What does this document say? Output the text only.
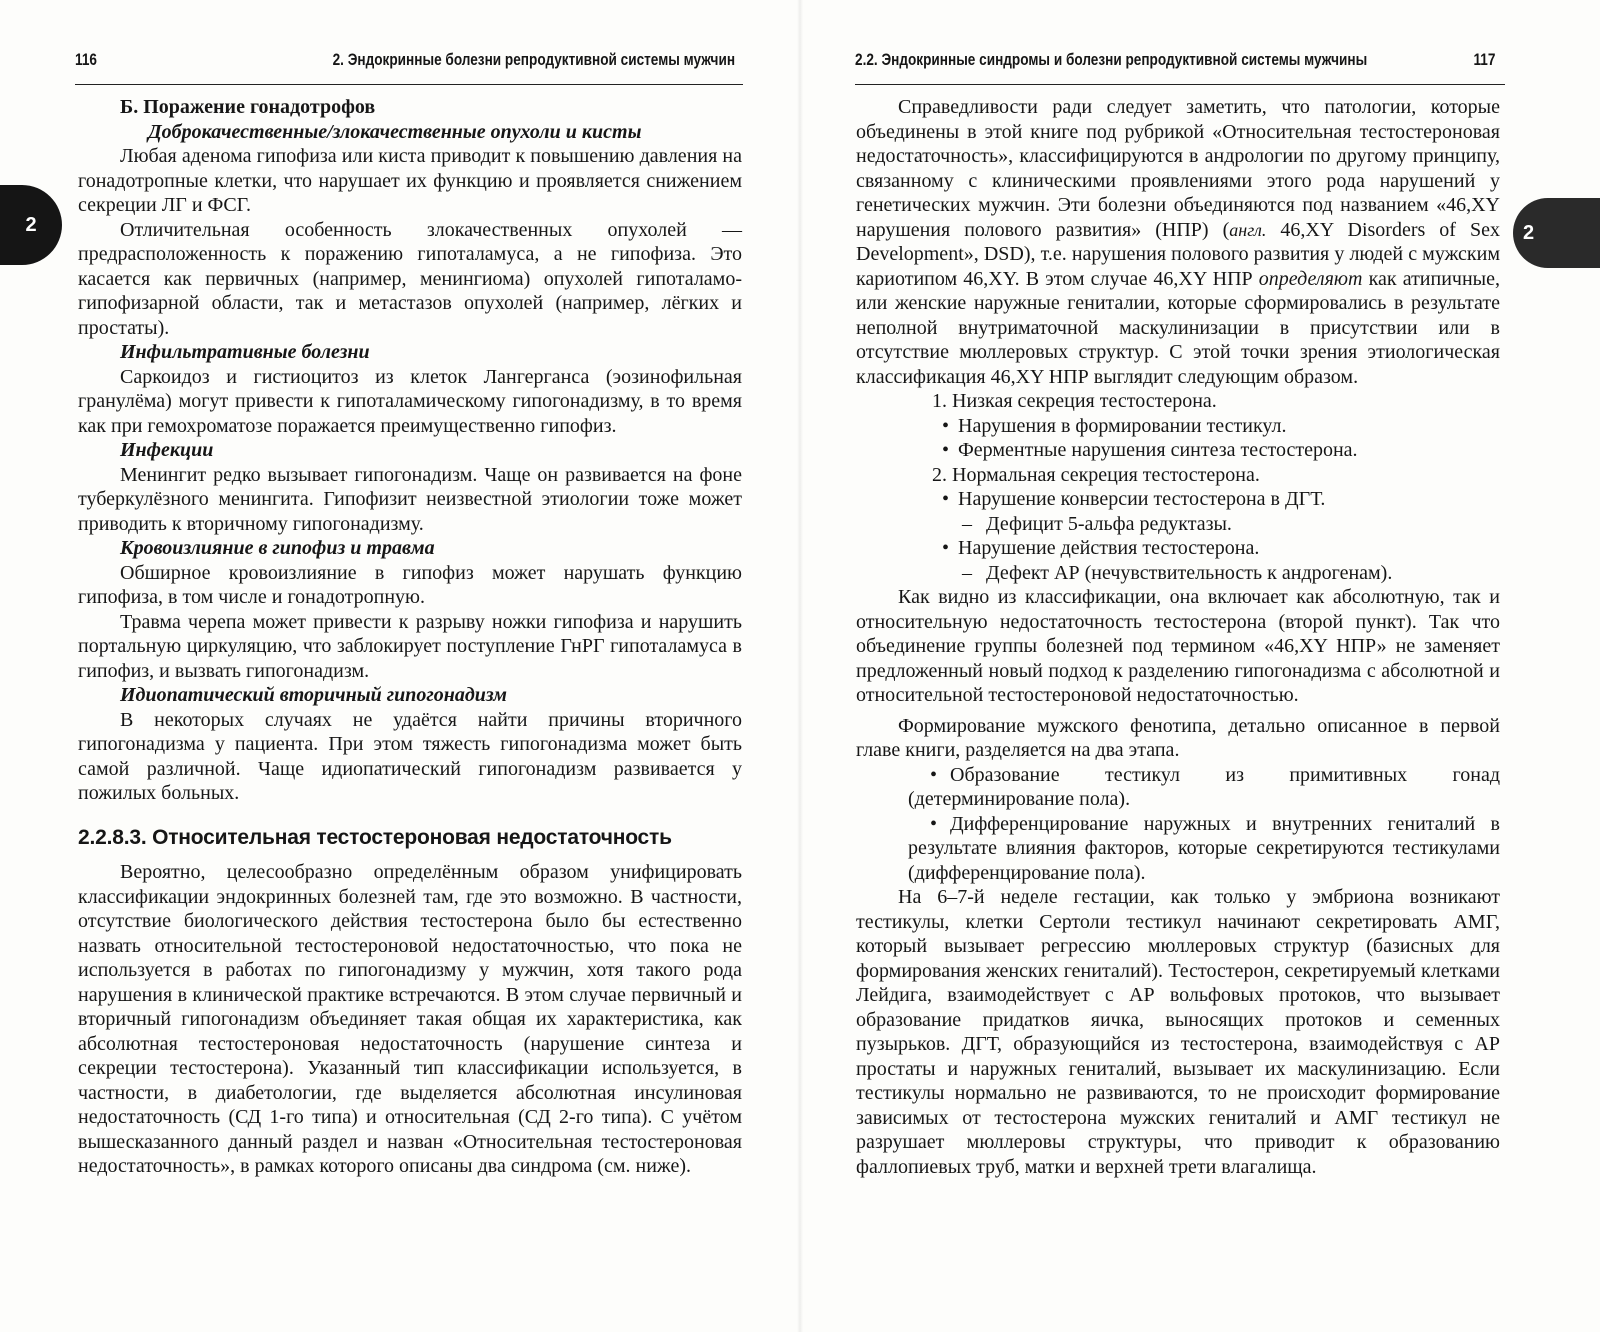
116	2. Эндокринные болезни репродуктивной системы мужчин
2

Б. Поражение гонадотрофов

Доброкачественные/злокачественные опухоли и кисты

Любая аденома гипофиза или киста приводит к повышению давления на гонадотропные клетки, что нарушает их функцию и проявляется снижением секреции ЛГ и ФСГ.

Отличительная особенность злокачественных опухолей — предрасположенность к поражению гипоталамуса, а не гипофиза. Это касается как первичных (например, менингиома) опухолей гипоталамо-гипофизарной области, так и метастазов опухолей (например, лёгких и простаты).

Инфильтративные болезни

Саркоидоз и гистиоцитоз из клеток Лангерганса (эозинофильная гранулёма) могут привести к гипоталамическому гипогонадизму, в то время как при гемохроматозе поражается преимущественно гипофиз.

Инфекции

Менингит редко вызывает гипогонадизм. Чаще он развивается на фоне туберкулёзного менингита. Гипофизит неизвестной этиологии тоже может приводить к вторичному гипогонадизму.

Кровоизлияние в гипофиз и травма

Обширное кровоизлияние в гипофиз может нарушать функцию гипофиза, в том числе и гонадотропную.

Травма черепа может привести к разрыву ножки гипофиза и нарушить портальную циркуляцию, что заблокирует поступление ГнРГ гипоталамуса в гипофиз, и вызвать гипогонадизм.

Идиопатический вторичный гипогонадизм

В некоторых случаях не удаётся найти причины вторичного гипогонадизма у пациента. При этом тяжесть гипогонадизма может быть самой различной. Чаще идиопатический гипогонадизм развивается у пожилых больных.

2.2.8.3. Относительная тестостероновая недостаточность

Вероятно, целесообразно определённым образом унифицировать классификации эндокринных болезней там, где это возможно. В частности, отсутствие биологического действия тестостерона было бы естественно назвать относительной тестостероновой недостаточностью, что пока не используется в работах по гипогонадизму у мужчин, хотя такого рода нарушения в клинической практике встречаются. В этом случае первичный и вторичный гипогонадизм объединяет такая общая их характеристика, как абсолютная тестостероновая недостаточность (нарушение синтеза и секреции тестостерона). Указанный тип классификации используется, в частности, в диабетологии, где выделяется абсолютная инсулиновая недостаточность (СД 1-го типа) и относительная (СД 2-го типа). С учётом вышесказанного данный раздел и назван «Относительная тестостероновая недостаточность», в рамках которого описаны два синдрома (см. ниже).

2.2. Эндокринные синдромы и болезни репродуктивной системы мужчины	117

Справедливости ради следует заметить, что патологии, которые объединены в этой книге под рубрикой «Относительная тестостероновая недостаточность», классифицируются в андрологии по другому принципу, связанному с клиническими проявлениями этого рода нарушений у генетических мужчин. Эти болезни объединяются под названием «46,XY нарушения полового развития» (НПР) (англ. 46,XY Disorders of Sex Development», DSD), т.е. нарушения полового развития у людей с мужским кариотипом 46,XY. В этом случае 46,XY НПР определяют как атипичные, или женские наружные гениталии, которые сформировались в результате неполной внутриматочной маскулинизации в присутствии или в отсутствие мюллеровых структур. С этой точки зрения этиологическая классификация 46,XY НПР выглядит следующим образом.

1. Низкая секреция тестостерона.

• Нарушения в формировании тестикул.

• Ферментные нарушения синтеза тестостерона.

2. Нормальная секреция тестостерона.

• Нарушение конверсии тестостерона в ДГТ.

– Дефицит 5-альфа редуктазы.

• Нарушение действия тестостерона.

– Дефект АР (нечувствительность к андрогенам).

Как видно из классификации, она включает как абсолютную, так и относительную недостаточность тестостерона (второй пункт). Так что объединение группы болезней под термином «46,XY НПР» не заменяет предложенный новый подход к разделению гипогонадизма с абсолютной и относительной тестостероновой недостаточностью.

Формирование мужского фенотипа, детально описанное в первой главе книги, разделяется на два этапа.

• Образование тестикул из примитивных гонад (детерминирование пола).

• Дифференцирование наружных и внутренних гениталий в результате влияния факторов, которые секретируются тестикулами (дифференцирование пола).

На 6–7-й неделе гестации, как только у эмбриона возникают тестикулы, клетки Сертоли тестикул начинают секретировать АМГ, который вызывает регрессию мюллеровых структур (базисных для формирования женских гениталий). Тестостерон, секретируемый клетками Лейдига, взаимодействует с АР вольфовых протоков, что вызывает образование придатков яичка, выносящих протоков и семенных пузырьков. ДГТ, образующийся из тестостерона, взаимодействуя с АР простаты и наружных гениталий, вызывает их маскулинизацию. Если тестикулы нормально не развиваются, то не происходит формирование зависимых от тестостерона мужских гениталий и АМГ тестикул не разрушает мюллеровы структуры, что приводит к образованию фаллопиевых труб, матки и верхней трети влагалища.

2
